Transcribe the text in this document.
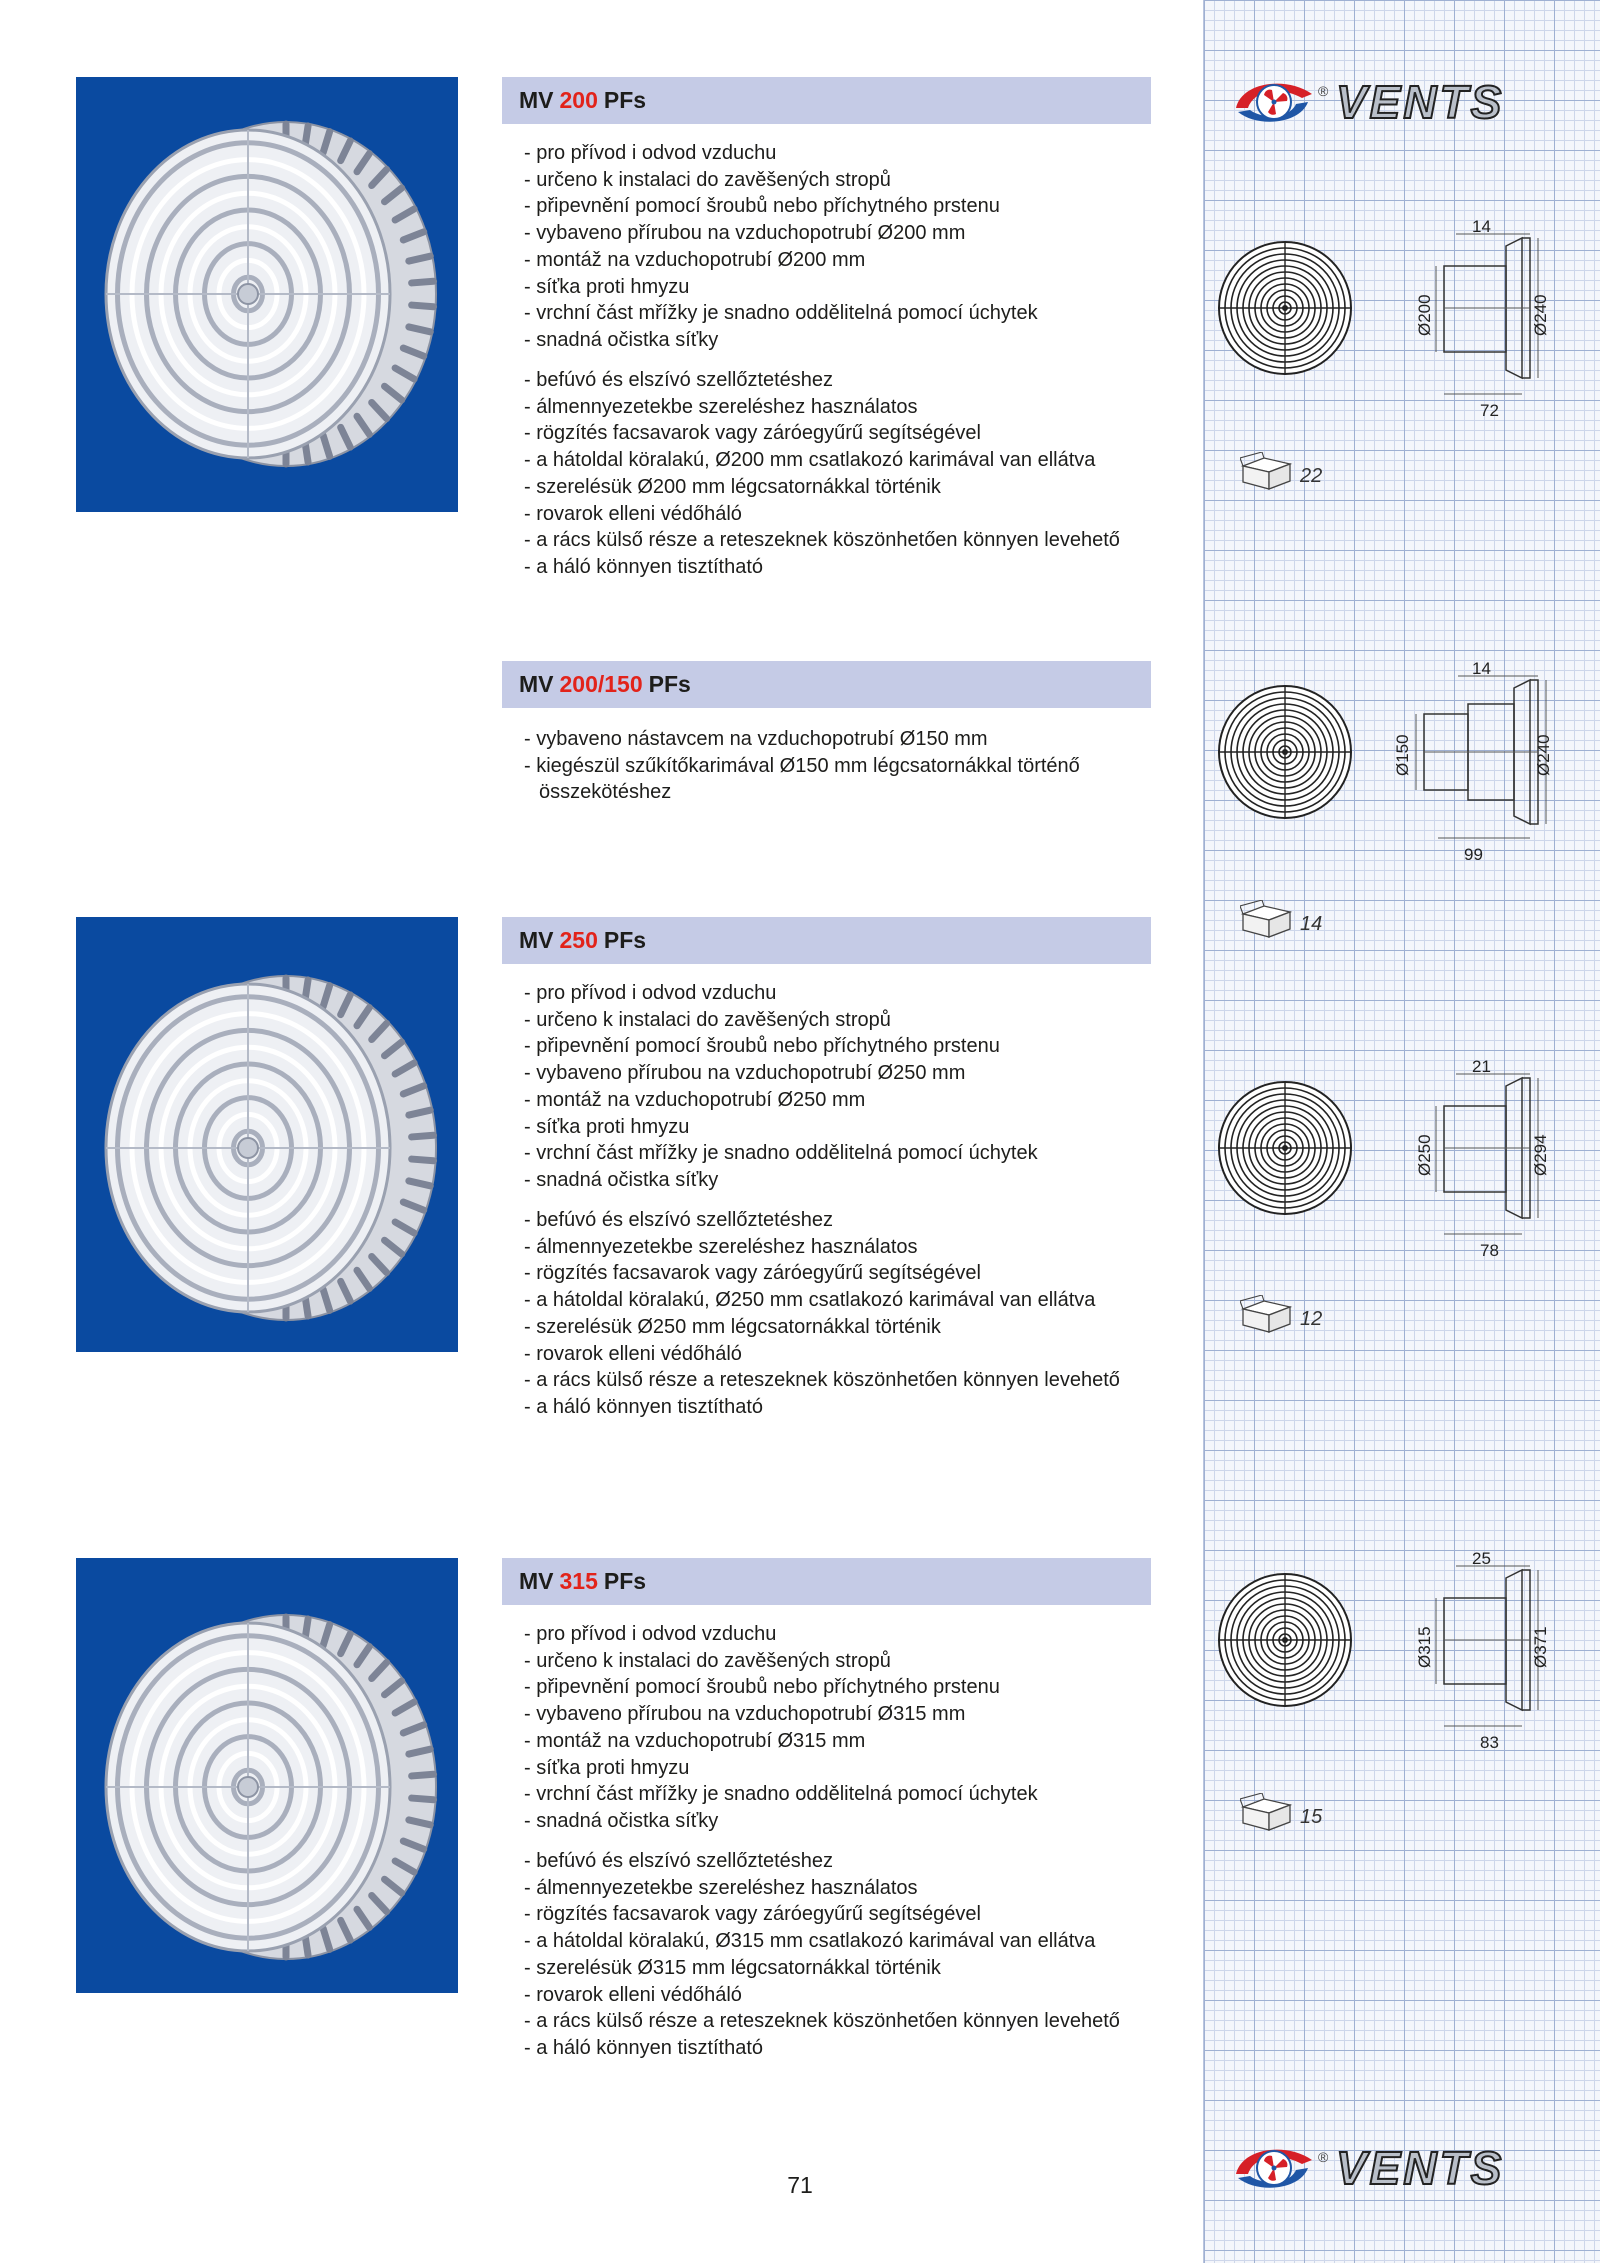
® VENTS
® VENTS
MV 200 PFs
- pro přívod i odvod vzduchu
- určeno k instalaci do zavěšených stropů
- připevnění pomocí šroubů nebo příchytného prstenu
- vybaveno přírubou na vzduchopotrubí Ø200 mm
- montáž na vzduchopotrubí Ø200 mm
- síťka proti hmyzu
- vrchní část mřížky je snadno oddělitelná pomocí úchytek
- snadná očistka síťky
- befúvó és elszívó szellőztetéshez
- álmennyezetekbe szereléshez használatos
- rögzítés facsavarok vagy záróegyűrű segítségével
- a hátoldal köralakú, Ø200 mm csatlakozó karimával van ellátva
- szerelésük Ø200 mm légcsatornákkal történik
- rovarok elleni védőháló
- a rács külső része a reteszeknek köszönhetően könnyen levehető
- a háló könnyen tisztítható
MV 200/150 PFs
- vybaveno nástavcem na vzduchopotrubí Ø150 mm
- kiegészül szűkítőkarimával Ø150 mm légcsatornákkal történő összekötéshez
MV 250 PFs
- pro přívod i odvod vzduchu
- určeno k instalaci do zavěšených stropů
- připevnění pomocí šroubů nebo příchytného prstenu
- vybaveno přírubou na vzduchopotrubí Ø250 mm
- montáž na vzduchopotrubí Ø250 mm
- síťka proti hmyzu
- vrchní část mřížky je snadno oddělitelná pomocí úchytek
- snadná očistka síťky
- befúvó és elszívó szellőztetéshez
- álmennyezetekbe szereléshez használatos
- rögzítés facsavarok vagy záróegyűrű segítségével
- a hátoldal köralakú, Ø250 mm csatlakozó karimával van ellátva
- szerelésük Ø250 mm légcsatornákkal történik
- rovarok elleni védőháló
- a rács külső része a reteszeknek köszönhetően könnyen levehető
- a háló könnyen tisztítható
MV 315 PFs
- pro přívod i odvod vzduchu
- určeno k instalaci do zavěšených stropů
- připevnění pomocí šroubů nebo příchytného prstenu
- vybaveno přírubou na vzduchopotrubí Ø315 mm
- montáž na vzduchopotrubí Ø315 mm
- síťka proti hmyzu
- vrchní část mřížky je snadno oddělitelná pomocí úchytek
- snadná očistka síťky
- befúvó és elszívó szellőztetéshez
- álmennyezetekbe szereléshez használatos
- rögzítés facsavarok vagy záróegyűrű segítségével
- a hátoldal köralakú, Ø315 mm csatlakozó karimával van ellátva
- szerelésük Ø315 mm légcsatornákkal történik
- rovarok elleni védőháló
- a rács külső része a reteszeknek köszönhetően könnyen levehető
- a háló könnyen tisztítható
14
Ø200	Ø240
72
14
Ø150	Ø240
99
21
Ø250	Ø294
78
25
Ø315	Ø371
83
22
14
12
15
71
